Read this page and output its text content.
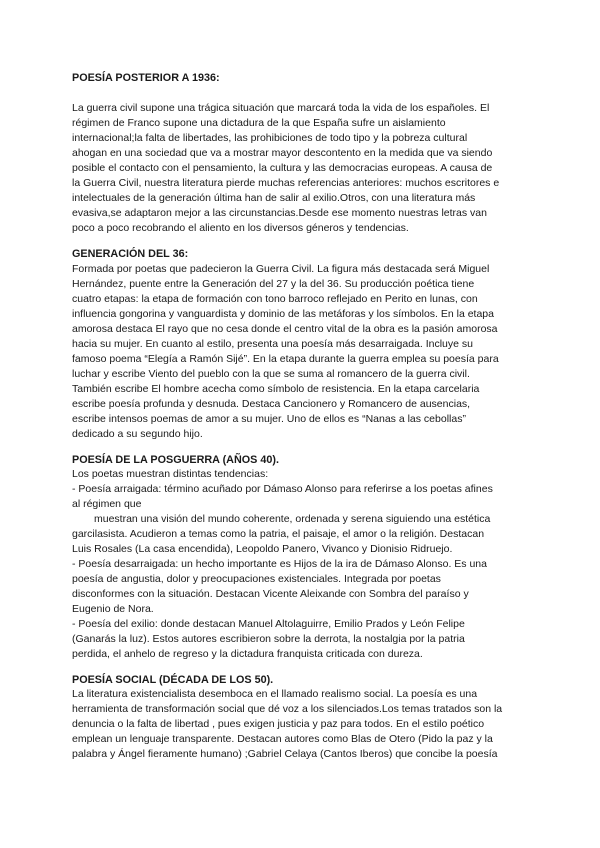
POESÍA POSTERIOR A 1936:
La guerra civil supone una trágica situación que marcará toda la vida de los españoles. El
régimen de Franco supone una dictadura de la que España sufre un aislamiento
internacional;la falta de libertades, las prohibiciones de todo tipo y la pobreza cultural
ahogan en una sociedad que va a mostrar mayor descontento en la medida que va siendo
posible el contacto con el pensamiento, la cultura y las democracias europeas. A causa de
la Guerra Civil, nuestra literatura pierde muchas referencias anteriores: muchos escritores e
intelectuales de la generación última han de salir al exilio.Otros, con una literatura más
evasiva,se adaptaron mejor a las circunstancias.Desde ese momento nuestras letras van
poco a poco recobrando el aliento en los diversos géneros y tendencias.
GENERACIÓN DEL 36:
Formada por poetas que padecieron la Guerra Civil. La figura más destacada será Miguel
Hernández, puente entre la Generación del 27 y la del 36. Su producción poética tiene
cuatro etapas: la etapa de formación con tono barroco reflejado en Perito en lunas, con
influencia gongorina y vanguardista y dominio de las metáforas y los símbolos. En la etapa
amorosa destaca El rayo que no cesa donde el centro vital de la obra es la pasión amorosa
hacia su mujer. En cuanto al estilo, presenta una poesía más desarraigada. Incluye su
famoso poema “Elegía a Ramón Sijé”. En la etapa durante la guerra emplea su poesía para
luchar y escribe Viento del pueblo con la que se suma al romancero de la guerra civil.
También escribe El hombre acecha como símbolo de resistencia. En la etapa carcelaria
escribe poesía profunda y desnuda. Destaca Cancionero y Romancero de ausencias,
escribe intensos poemas de amor a su mujer. Uno de ellos es “Nanas a las cebollas”
dedicado a su segundo hijo.
POESÍA DE LA POSGUERRA (AÑOS 40).
Los poetas muestran distintas tendencias:
- Poesía arraigada: término acuñado por Dámaso Alonso para referirse a los poetas afines
al régimen que
muestran una visión del mundo coherente, ordenada y serena siguiendo una estética
garcilasista. Acudieron a temas como la patria, el paisaje, el amor o la religión. Destacan
Luis Rosales (La casa encendida), Leopoldo Panero, Vivanco y Dionisio Ridruejo.
- Poesía desarraigada: un hecho importante es Hijos de la ira de Dámaso Alonso. Es una
poesía de angustia, dolor y preocupaciones existenciales. Integrada por poetas
disconformes con la situación. Destacan Vicente Aleixande con Sombra del paraíso y
Eugenio de Nora.
- Poesía del exilio: donde destacan Manuel Altolaguirre, Emilio Prados y León Felipe
(Ganarás la luz). Estos autores escribieron sobre la derrota, la nostalgia por la patria
perdida, el anhelo de regreso y la dictadura franquista criticada con dureza.
POESÍA SOCIAL (DÉCADA DE LOS 50).
La literatura existencialista desemboca en el llamado realismo social. La poesía es una
herramienta de transformación social que dé voz a los silenciados.Los temas tratados son la
denuncia o la falta de libertad , pues exigen justicia y paz para todos. En el estilo poético
emplean un lenguaje transparente. Destacan autores como Blas de Otero (Pido la paz y la
palabra y Ángel fieramente humano) ;Gabriel Celaya (Cantos Iberos) que concibe la poesía
